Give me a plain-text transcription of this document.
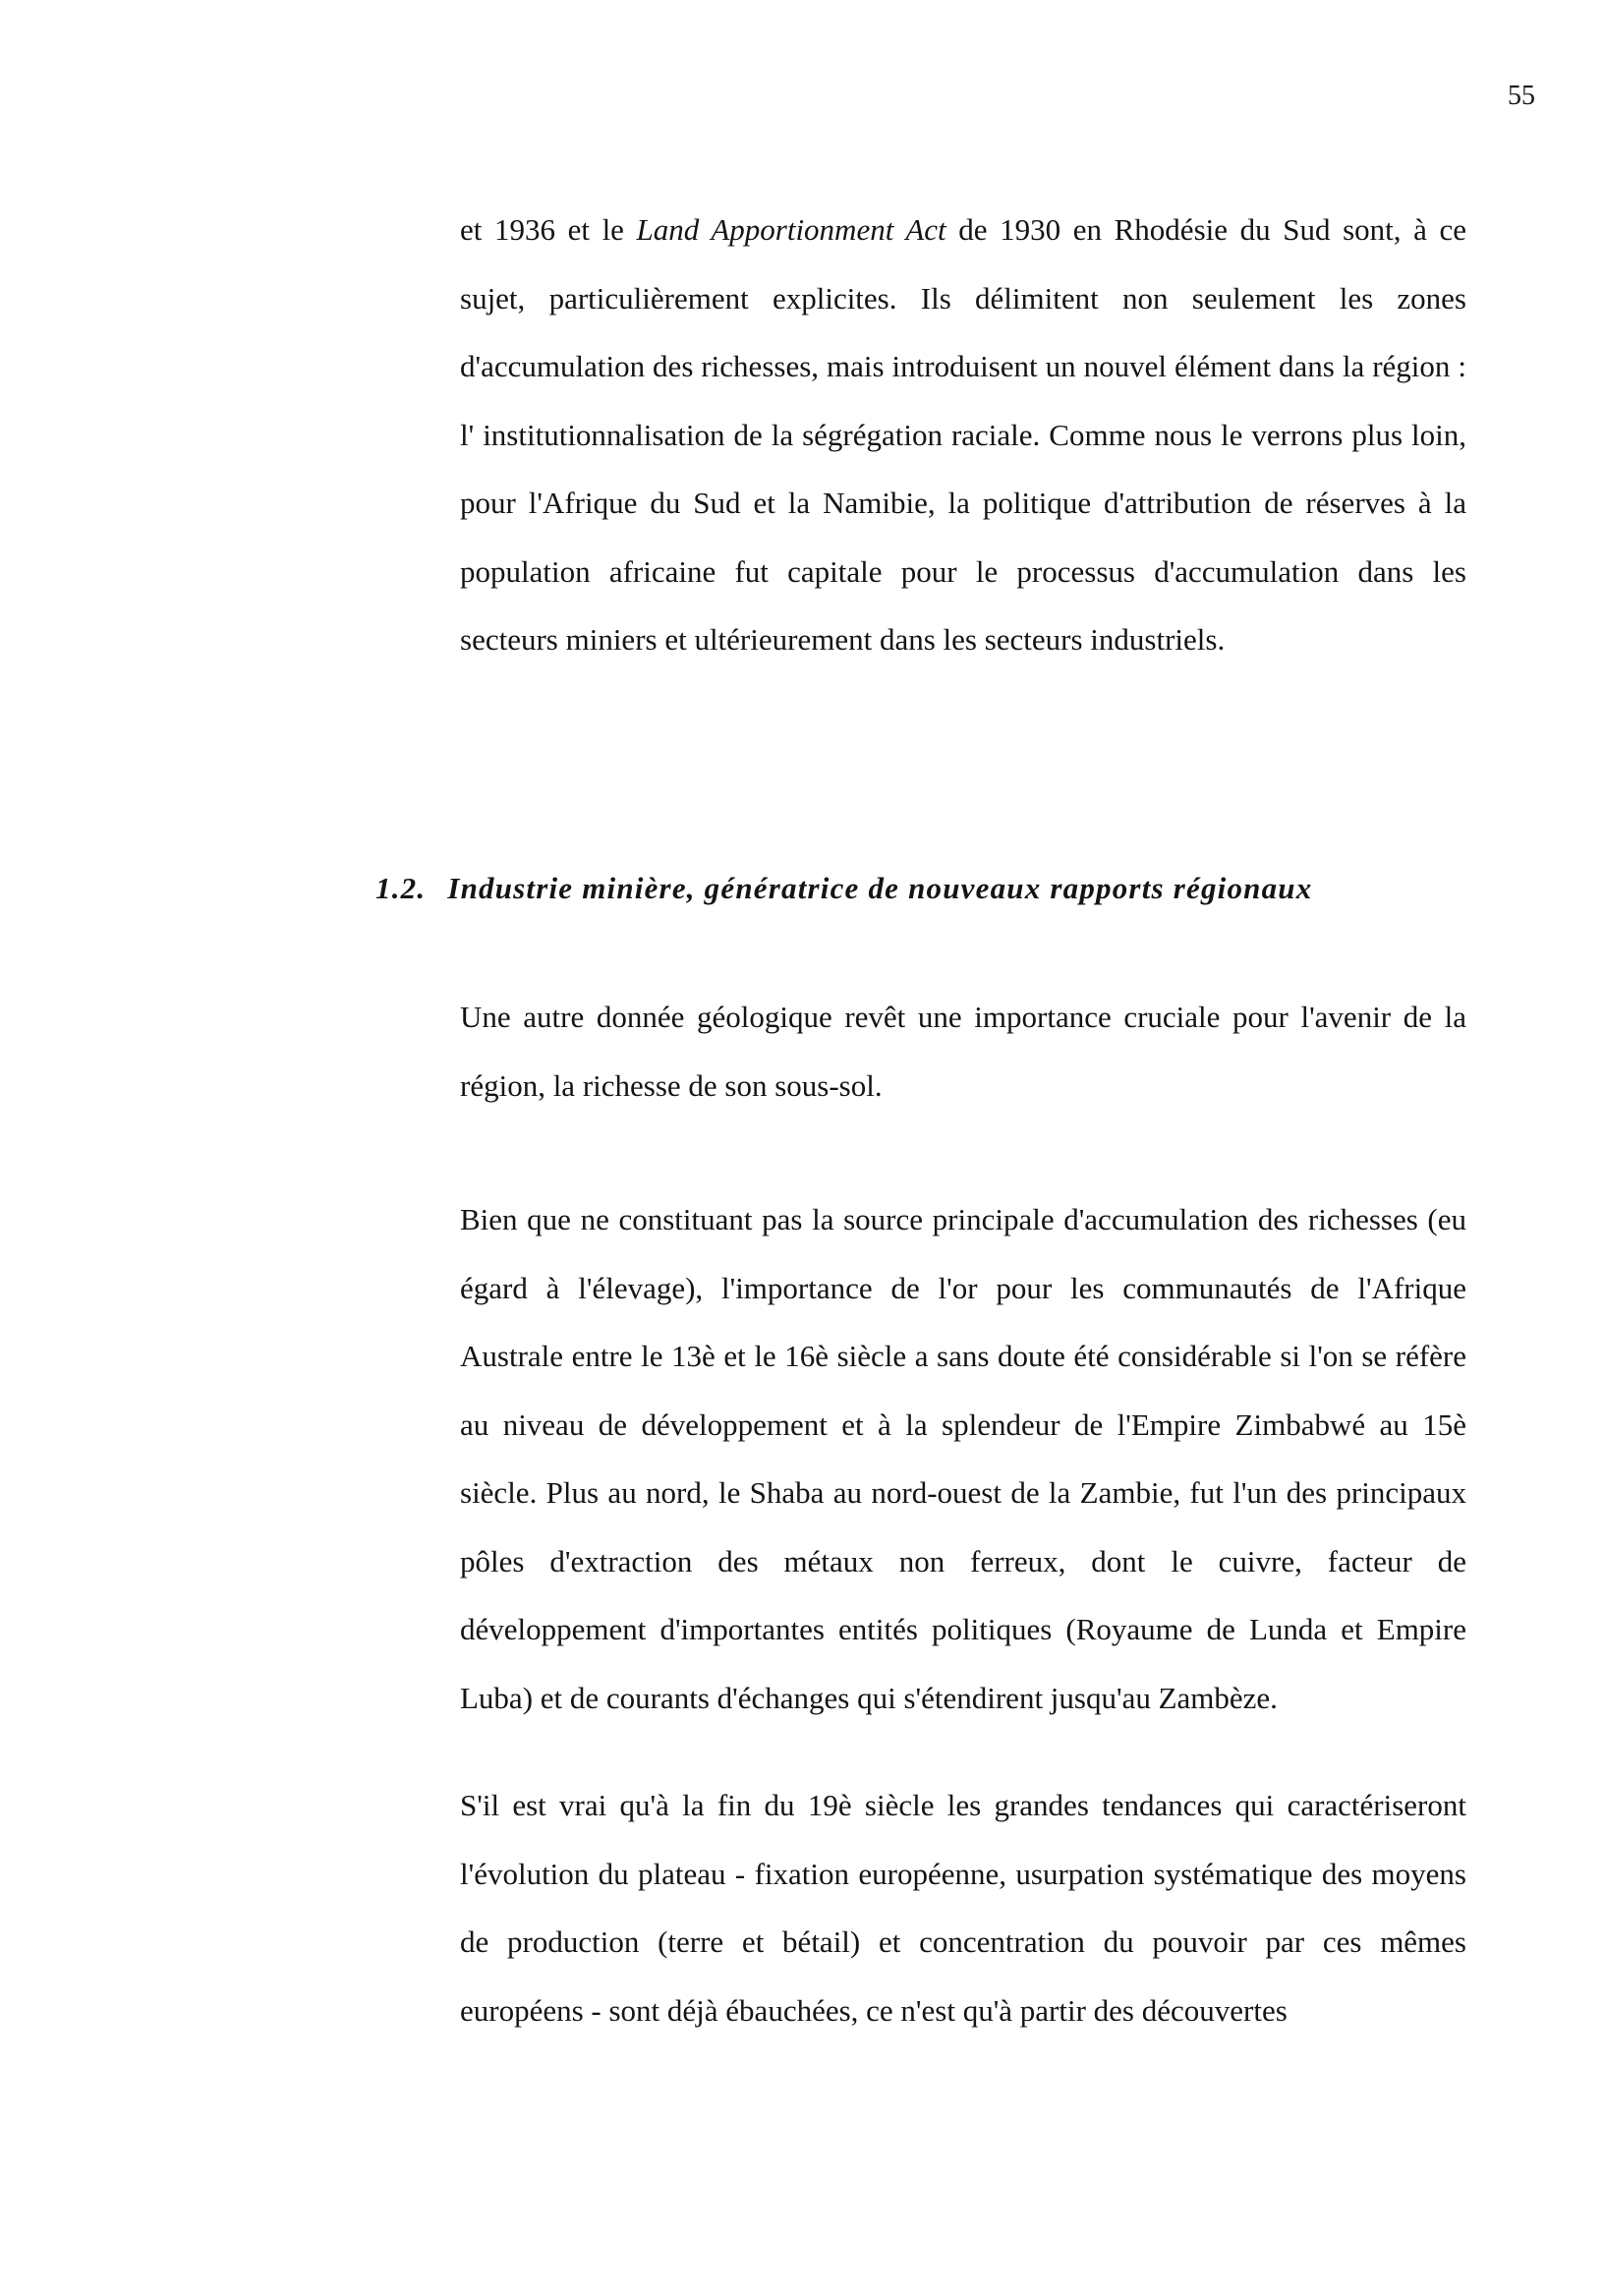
55

et 1936 et le Land Apportionment Act de 1930 en Rhodésie du Sud sont, à ce sujet, particulièrement explicites. Ils délimitent non seulement les zones d'accumulation des richesses, mais introduisent un nouvel élément dans la région : l' institutionnalisation de la ségrégation raciale. Comme nous le verrons plus loin, pour l'Afrique du Sud et la Namibie, la politique d'attribution de réserves à la population africaine fut capitale pour le processus d'accumulation dans les secteurs miniers et ultérieurement dans les secteurs industriels.

1.2. Industrie minière, génératrice de nouveaux rapports régionaux

Une autre donnée géologique revêt une importance cruciale pour l'avenir de la région, la richesse de son sous-sol.

Bien que ne constituant pas la source principale d'accumulation des richesses (eu égard à l'élevage), l'importance de l'or pour les communautés de l'Afrique Australe entre le 13è et le 16è siècle a sans doute été considérable si l'on se réfère au niveau de développement et à la splendeur de l'Empire Zimbabwé au 15è siècle. Plus au nord, le Shaba au nord-ouest de la Zambie, fut l'un des principaux pôles d'extraction des métaux non ferreux, dont le cuivre, facteur de développement d'importantes entités politiques (Royaume de Lunda et Empire Luba) et de courants d'échanges qui s'étendirent jusqu'au Zambèze.

S'il est vrai qu'à la fin du 19è siècle les grandes tendances qui caractériseront l'évolution du plateau - fixation européenne, usurpation systématique des moyens de production (terre et bétail) et concentration du pouvoir par ces mêmes européens - sont déjà ébauchées, ce n'est qu'à partir des découvertes
